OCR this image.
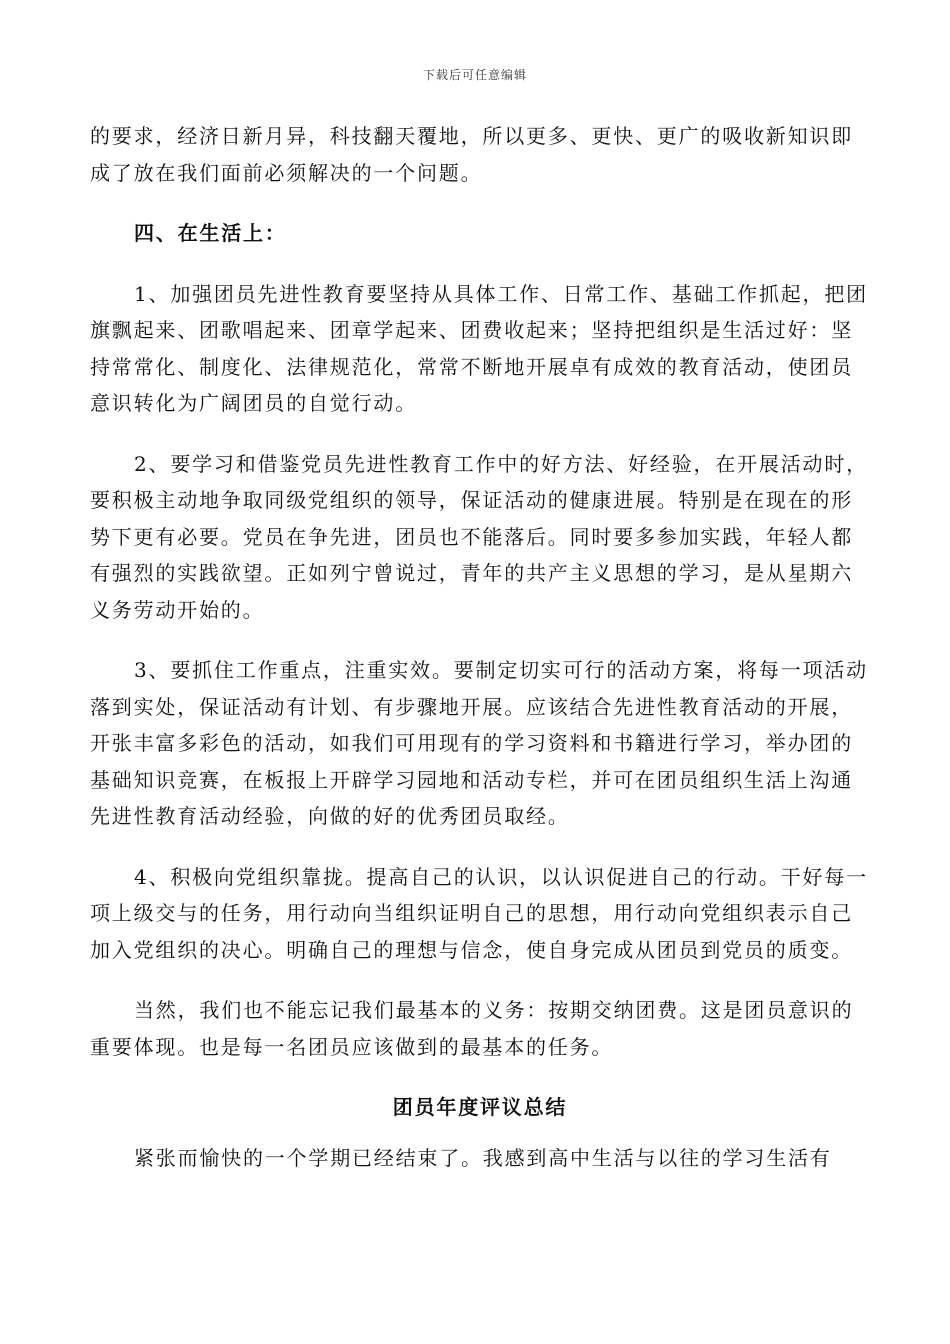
下载后可任意编辑

的要求，经济日新月异，科技翻天覆地，所以更多、更快、更广的吸收新知识即成了放在我们面前必须解决的一个问题。

四、在生活上：

1、加强团员先进性教育要坚持从具体工作、日常工作、基础工作抓起，把团旗飘起来、团歌唱起来、团章学起来、团费收起来；坚持把组织是生活过好：坚持常常化、制度化、法律规范化，常常不断地开展卓有成效的教育活动，使团员意识转化为广阔团员的自觉行动。

2、要学习和借鉴党员先进性教育工作中的好方法、好经验，在开展活动时，要积极主动地争取同级党组织的领导，保证活动的健康进展。特别是在现在的形势下更有必要。党员在争先进，团员也不能落后。同时要多参加实践，年轻人都有强烈的实践欲望。正如列宁曾说过，青年的共产主义思想的学习，是从星期六义务劳动开始的。

3、要抓住工作重点，注重实效。要制定切实可行的活动方案，将每一项活动落到实处，保证活动有计划、有步骤地开展。应该结合先进性教育活动的开展，开张丰富多彩色的活动，如我们可用现有的学习资料和书籍进行学习，举办团的基础知识竞赛，在板报上开辟学习园地和活动专栏，并可在团员组织生活上沟通先进性教育活动经验，向做的好的优秀团员取经。

4、积极向党组织靠拢。提高自己的认识，以认识促进自己的行动。干好每一项上级交与的任务，用行动向当组织证明自己的思想，用行动向党组织表示自己加入党组织的决心。明确自己的理想与信念，使自身完成从团员到党员的质变。

当然，我们也不能忘记我们最基本的义务：按期交纳团费。这是团员意识的重要体现。也是每一名团员应该做到的最基本的任务。

团员年度评议总结

紧张而愉快的一个学期已经结束了。我感到高中生活与以往的学习生活有
